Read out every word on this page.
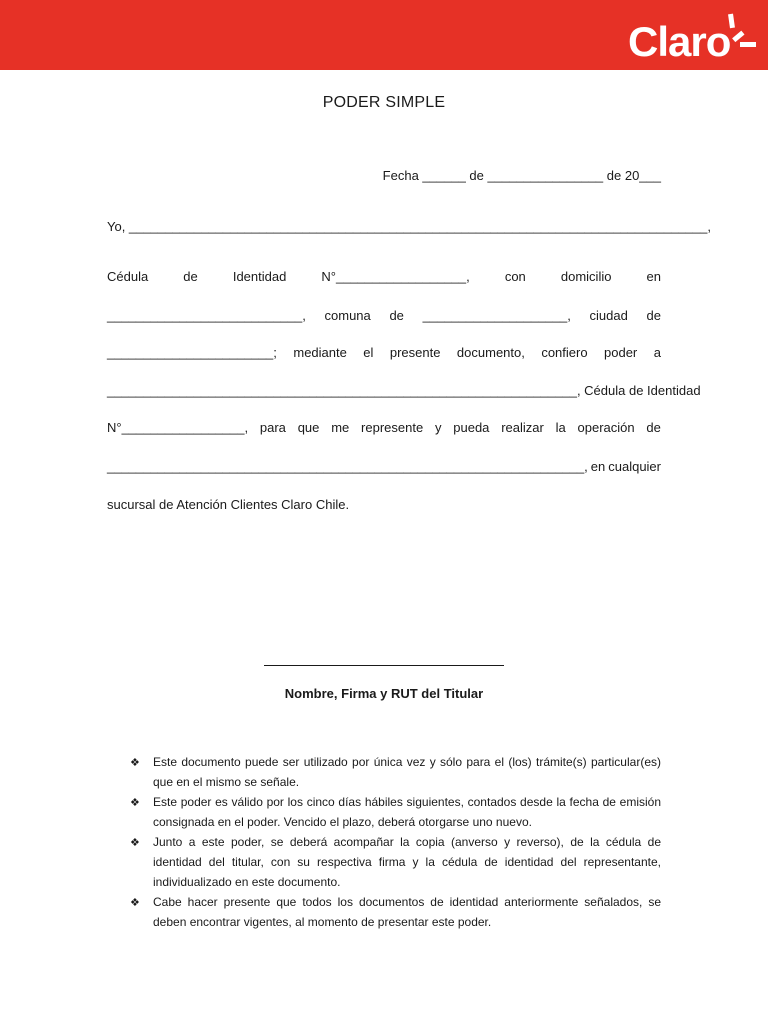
Claro
PODER SIMPLE
Fecha ______ de ________________ de 20___
Yo, ________________________________________________________________________________,
Cédula	de	Identidad	N°__________________,	con	domicilio	en
___________________________, comuna de ____________________, ciudad de
_______________________; mediante el presente documento, confiero poder a
_________________________________________________________________, Cédula de Identidad
N°_________________, para que me represente y pueda realizar la operación de
__________________________________________________________________, en cualquier
sucursal de Atención Clientes Claro Chile.
Nombre, Firma y RUT del Titular
❖ Este documento puede ser utilizado por única vez y sólo para el (los) trámite(s) particular(es) que en el mismo se señale.
❖ Este poder es válido por los cinco días hábiles siguientes, contados desde la fecha de emisión consignada en el poder. Vencido el plazo, deberá otorgarse uno nuevo.
❖ Junto a este poder, se deberá acompañar la copia (anverso y reverso), de la cédula de identidad del titular, con su respectiva firma y la cédula de identidad del representante, individualizado en este documento.
❖ Cabe hacer presente que todos los documentos de identidad anteriormente señalados, se deben encontrar vigentes, al momento de presentar este poder.
